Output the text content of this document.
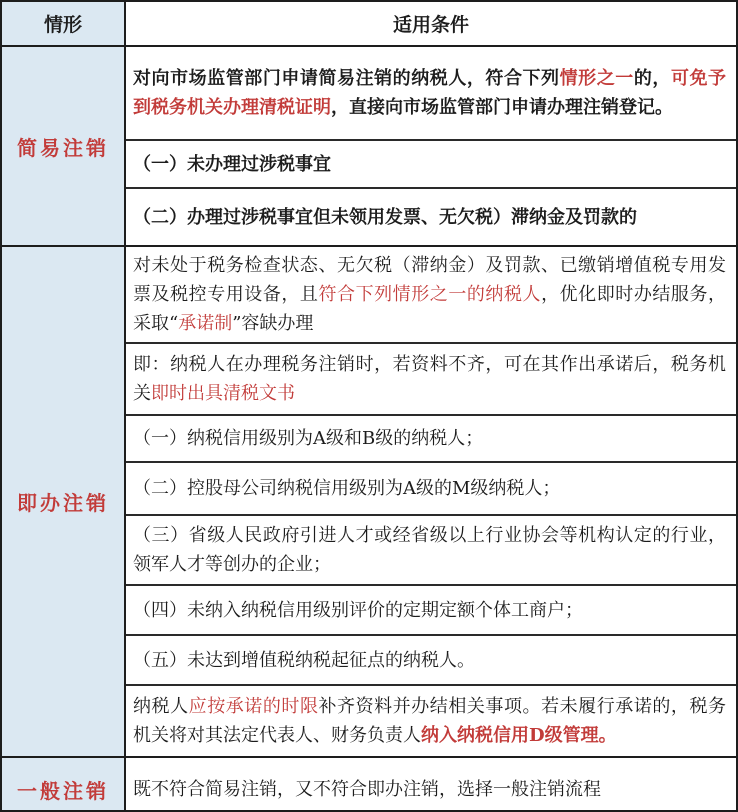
情形	适用条件
简易注销
对向市场监管部门申请简易注销的纳税人，符合下列情形之一的，可免予到税务机关办理清税证明，直接向市场监管部门申请办理注销登记。
（一）未办理过涉税事宜
（二）办理过涉税事宜但未领用发票、无欠税）滞纳金及罚款的
即办注销
对未处于税务检查状态、无欠税（滞纳金）及罚款、已缴销增值税专用发票及税控专用设备，且符合下列情形之一的纳税人，优化即时办结服务，采取“承诺制”容缺办理
即：纳税人在办理税务注销时，若资料不齐，可在其作出承诺后，税务机关即时出具清税文书
（一）纳税信用级别为A级和B级的纳税人；
（二）控股母公司纳税信用级别为A级的M级纳税人；
（三）省级人民政府引进人才或经省级以上行业协会等机构认定的行业，领军人才等创办的企业；
（四）未纳入纳税信用级别评价的定期定额个体工商户；
（五）未达到增值税纳税起征点的纳税人。
纳税人应按承诺的时限补齐资料并办结相关事项。若未履行承诺的，税务机关将对其法定代表人、财务负责人纳入纳税信用D级管理。
一般注销	既不符合简易注销，又不符合即办注销，选择一般注销流程
